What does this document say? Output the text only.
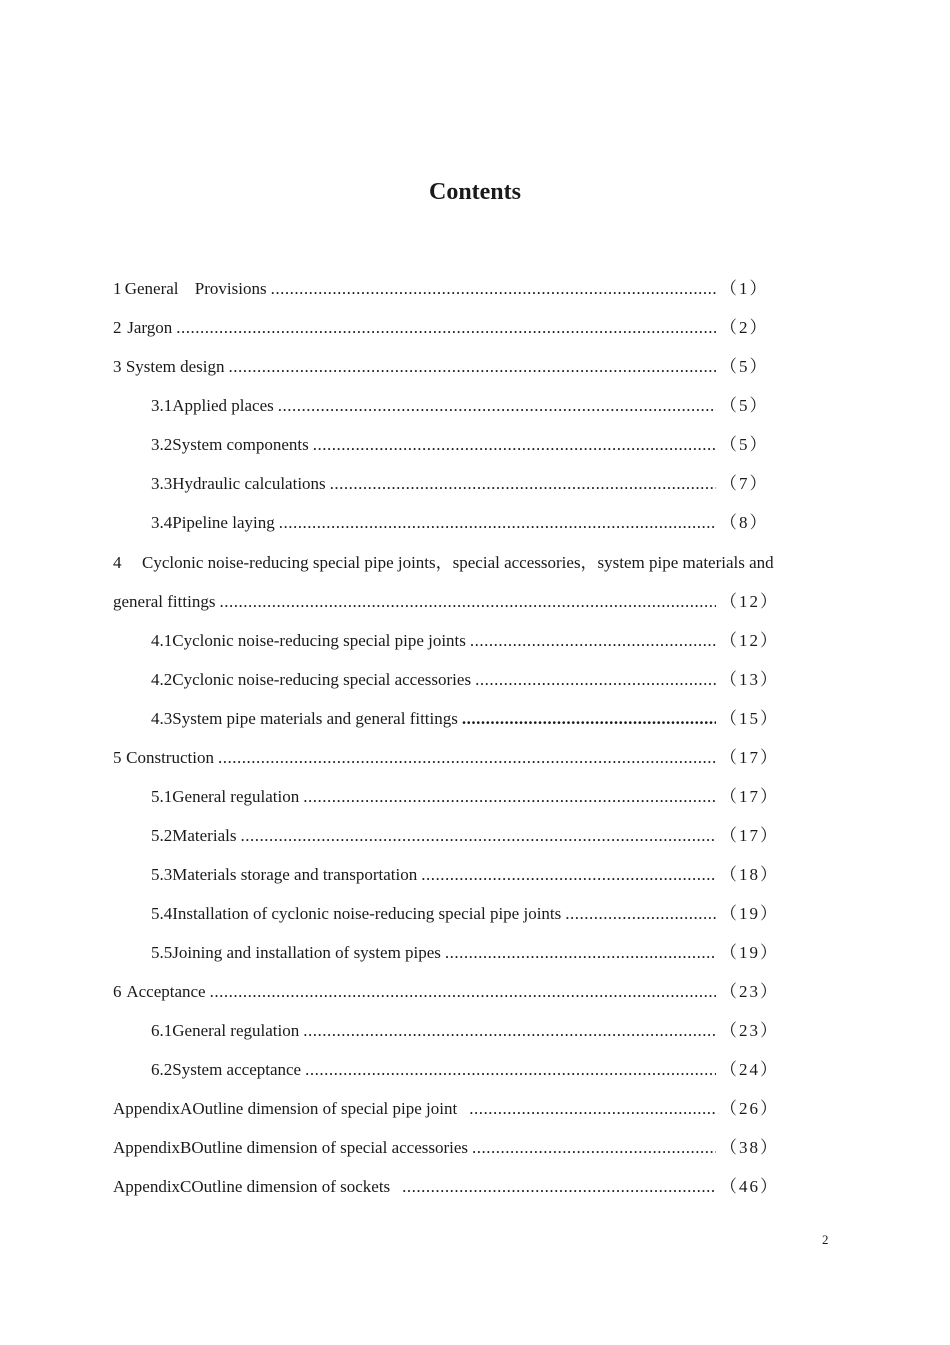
Contents
1 General Provisions .....	（1）
2 Jargon .....	（2）
3 System design .....	（5）
3.1 Applied places .....	（5）
3.2 System components .....	（5）
3.3 Hydraulic calculations .....	（7）
3.4 Pipeline laying .....	（8）
4 Cyclonic noise-reducing special pipe joints，special accessories，system pipe materials and
general fittings .....	（12）
4.1 Cyclonic noise-reducing special pipe joints .....	（12）
4.2 Cyclonic noise-reducing special accessories .....	（13）
4.3 System pipe materials and general fittings .....	（15）
5 Construction .....	（17）
5.1 General regulation .....	（17）
5.2 Materials .....	（17）
5.3 Materials storage and transportation .....	（18）
5.4 Installation of cyclonic noise-reducing special pipe joints .....	（19）
5.5 Joining and installation of system pipes .....	（19）
6 Acceptance .....	（23）
6.1 General regulation .....	（23）
6.2 System acceptance .....	（24）
Appendix A Outline dimension of special pipe joint .....	（26）
Appendix B Outline dimension of special accessories .....	（38）
Appendix C Outline dimension of sockets .....	（46）
2
